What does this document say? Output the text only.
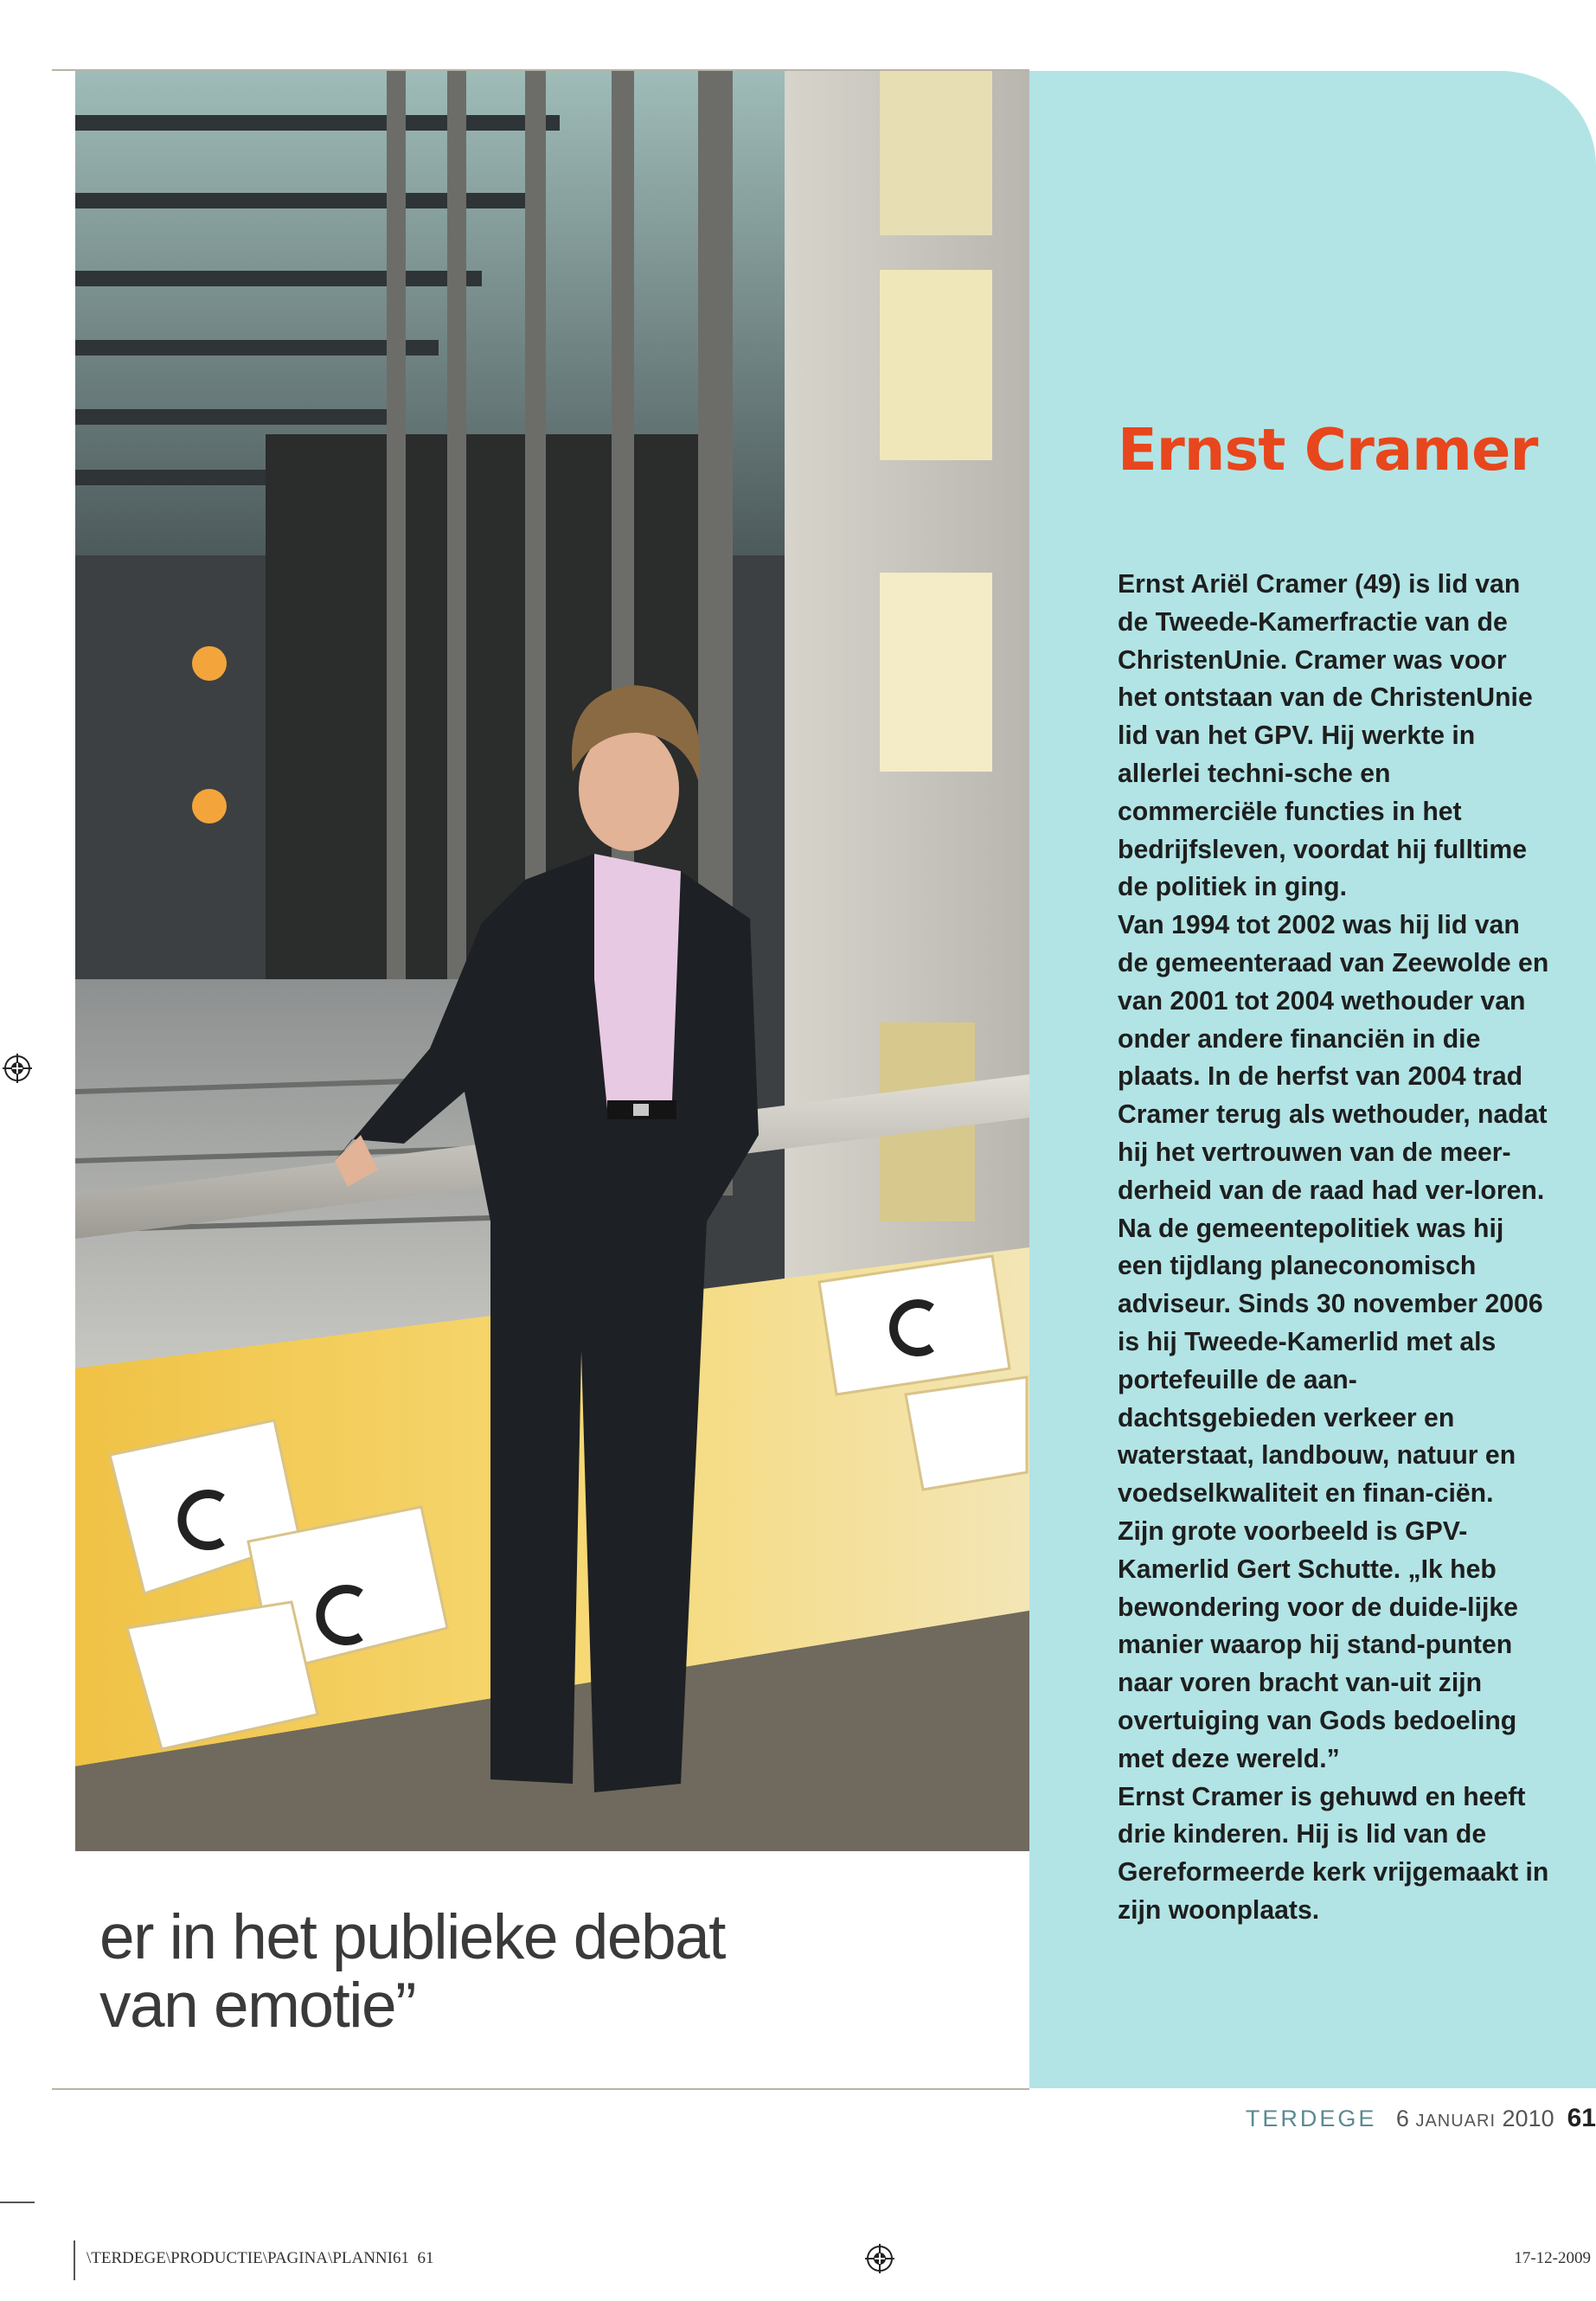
Ernst Cramer

Ernst Ariël Cramer (49) is lid van de Tweede-Kamerfractie van de ChristenUnie. Cramer was voor het ontstaan van de ChristenUnie lid van het GPV. Hij werkte in allerlei techni-sche en commerciële functies in het bedrijfsleven, voordat hij fulltime de politiek in ging.

Van 1994 tot 2002 was hij lid van de gemeenteraad van Zeewolde en van 2001 tot 2004 wethouder van onder andere financiën in die plaats. In de herfst van 2004 trad Cramer terug als wethouder, nadat hij het vertrouwen van de meer-derheid van de raad had ver-loren.

Na de gemeentepolitiek was hij een tijdlang planeconomisch adviseur. Sinds 30 november 2006 is hij Tweede-Kamerlid met als portefeuille de aan-dachtsgebieden verkeer en waterstaat, landbouw, natuur en voedselkwaliteit en finan-ciën.

Zijn grote voorbeeld is GPV-Kamerlid Gert Schutte. „Ik heb bewondering voor de duide-lijke manier waarop hij stand-punten naar voren bracht van-uit zijn overtuiging van Gods bedoeling met deze wereld.”

Ernst Cramer is gehuwd en heeft drie kinderen. Hij is lid van de Gereformeerde kerk vrijgemaakt in zijn woonplaats.

er in het publieke debat
van emotie”
TERDEGE 6 JANUARI 2010 61
\TERDEGE\PRODUCTIE\PAGINA\PLANNI61 61	17-12-2009
